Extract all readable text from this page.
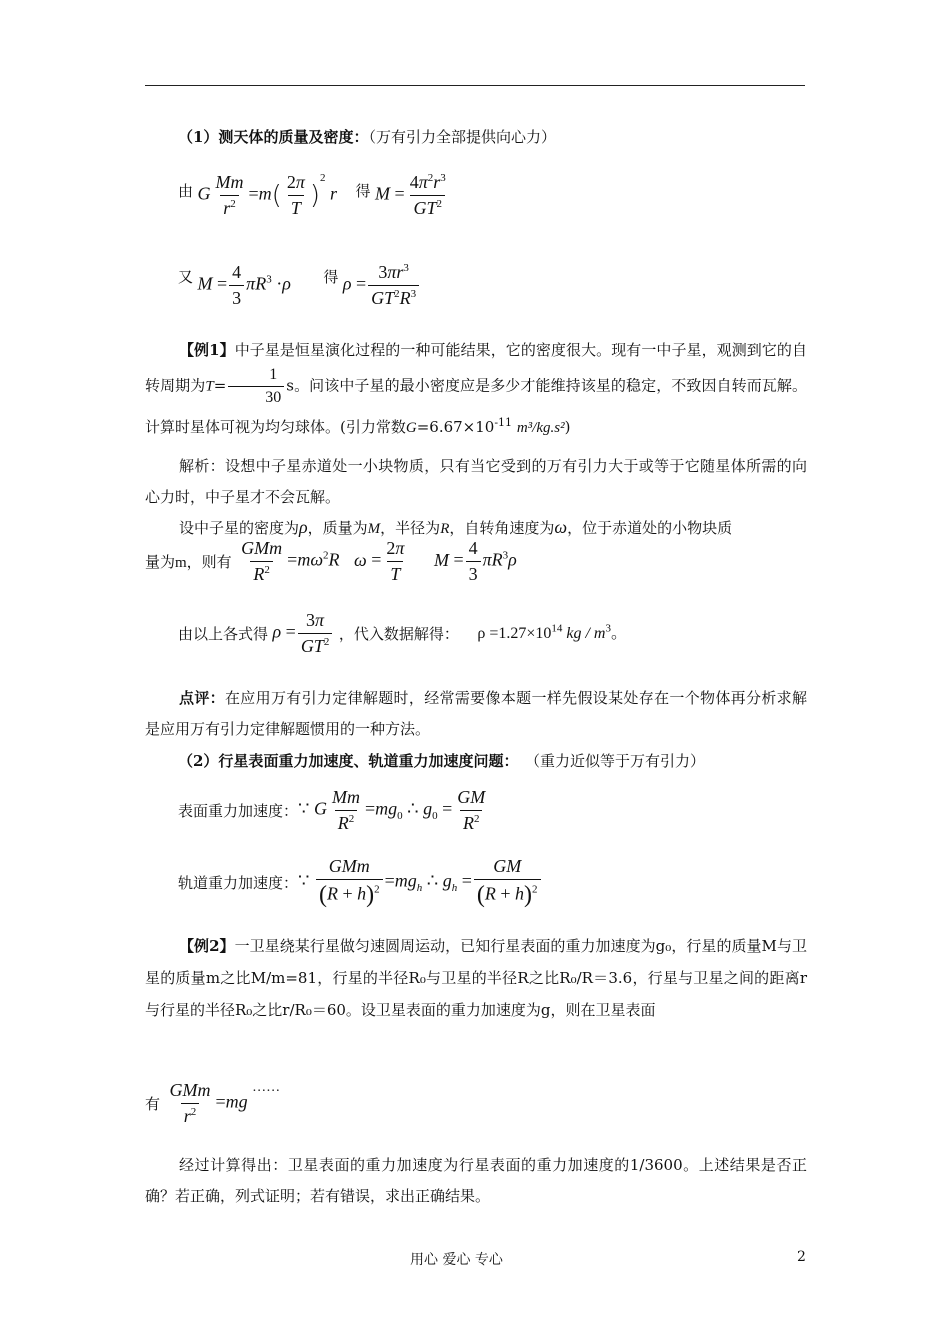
（1）测天体的质量及密度：（万有引力全部提供向心力）
$^由$ G $\frac{Mm}{r^2} =m( \frac{2\pi}{T} )^2$ r $^得$ $M = \frac{4\pi^2r^3}{GT^2}$
$^又$ $M = \frac{4}{3} \pi R^3 \cdot\rho$ $^得$ $\rho = \frac{3\pi r^3}{GT^2R^3}$
【例1】中子星是恒星演化过程的一种可能结果，它的密度很大。现有一中子星，观测到它的自转周期为$T= \frac{1}{30}$ s。问该中子星的最小密度应是多少才能维持该星的稳定，不致因自转而瓦解。计算时星体可视为均匀球体。(引力常数$G=6.67\times 10^{-11}$ m³/kg.s²)
解析：设想中子星赤道处一小块物质，只有当它受到的万有引力大于或等于它随星体所需的向心力时，中子星才不会瓦解。
设中子星的密度为ρ，质量为M，半径为R，自转角速度为ω，位于赤道处的小物块质
量为m，则有 $\frac{\text{GMm}}{R^2} =m\omega^2R$ $\omega = \frac{2\pi}{T}$ $M = \frac{4}{3} \pi R^3\rho$
由以上各式得 $\rho = \frac{3\pi}{GT^2}$ ，代入数据解得： $\rho =1.27\times 10^{14}$ kg / $m^3$。
点评：在应用万有引力定律解题时，经常需要像本题一样先假设某处存在一个物体再分析求解是应用万有引力定律解题惯用的一种方法。
（2）行星表面重力加速度、轨道重力加速度问题： （重力近似等于万有引力）
表面重力加速度：∵ G $\frac{Mm}{R^2} =mg_0$ ∴ $g_0 = \frac{GM}{R^2}$
轨道重力加速度：∵ $\frac{\text{GMm}}{(R + h)^2} =mg_h$ ∴ $g_h = \frac{GM}{(R + h)^2}$
【例2】一卫星绕某行星做匀速圆周运动，已知行星表面的重力加速度为g₀，行星的质量M与卫星的质量m之比M/m=81，行星的半径R₀与卫星的半径R之比R₀/R＝3.6，行星与卫星之间的距离r与行星的半径R₀之比r/R₀＝60。设卫星表面的重力加速度为g，则在卫星表面
有 $\frac{\text{GMm}}{r^2} =mg$ ……
经过计算得出：卫星表面的重力加速度为行星表面的重力加速度的1/3600。上述结果是否正确？若正确，列式证明；若有错误，求出正确结果。
用心 爱心 专心	2
